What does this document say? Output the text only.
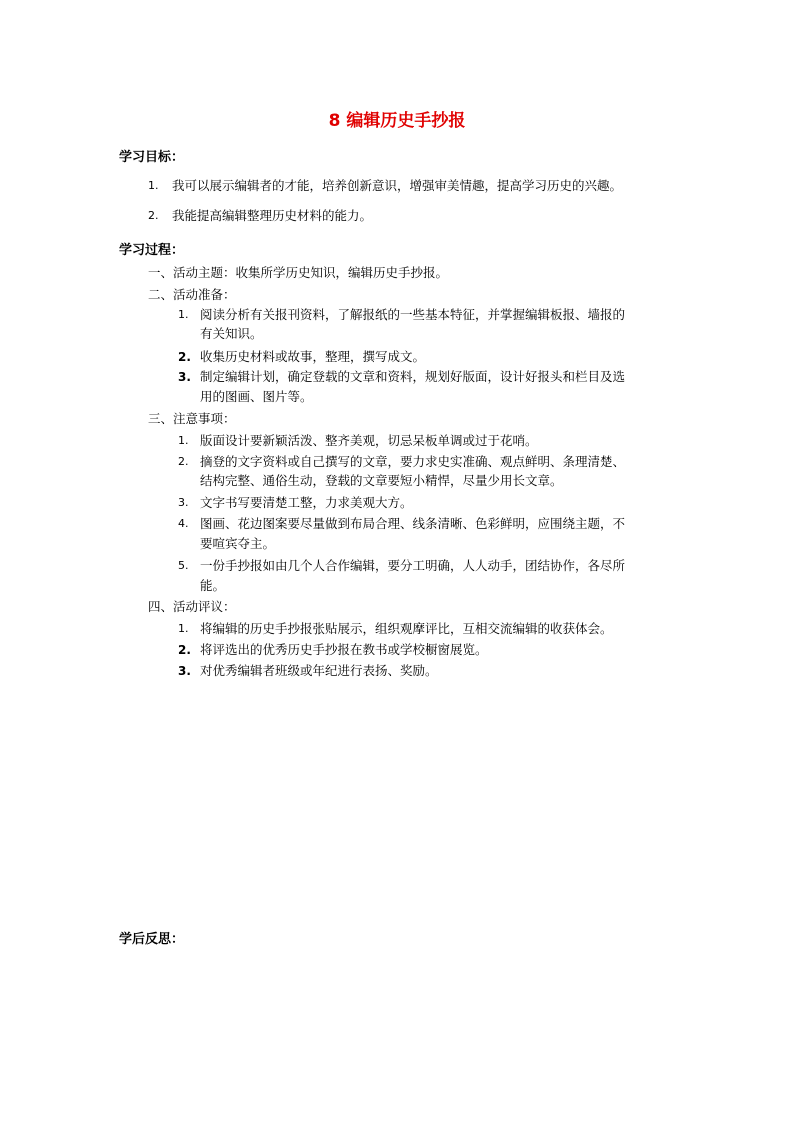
8 编辑历史手抄报
学习目标：
1. 我可以展示编辑者的才能，培养创新意识，增强审美情趣，提高学习历史的兴趣。
2. 我能提高编辑整理历史材料的能力。
学习过程：
一、活动主题：收集所学历史知识，编辑历史手抄报。
二、活动准备：
1. 阅读分析有关报刊资料，了解报纸的一些基本特征，并掌握编辑板报、墙报的
有关知识。
2. 收集历史材料或故事，整理，撰写成文。
3. 制定编辑计划，确定登载的文章和资料，规划好版面，设计好报头和栏目及选
用的图画、图片等。
三、注意事项：
1. 版面设计要新颖活泼、整齐美观，切忌呆板单调或过于花哨。
2. 摘登的文字资料或自己撰写的文章，要力求史实准确、观点鲜明、条理清楚、
结构完整、通俗生动，登载的文章要短小精悍，尽量少用长文章。
3. 文字书写要清楚工整，力求美观大方。
4. 图画、花边图案要尽量做到布局合理、线条清晰、色彩鲜明，应围绕主题，不
要喧宾夺主。
5. 一份手抄报如由几个人合作编辑，要分工明确，人人动手，团结协作，各尽所
能。
四、活动评议：
1. 将编辑的历史手抄报张贴展示，组织观摩评比，互相交流编辑的收获体会。
2. 将评选出的优秀历史手抄报在教书或学校橱窗展览。
3. 对优秀编辑者班级或年纪进行表扬、奖励。
学后反思：
